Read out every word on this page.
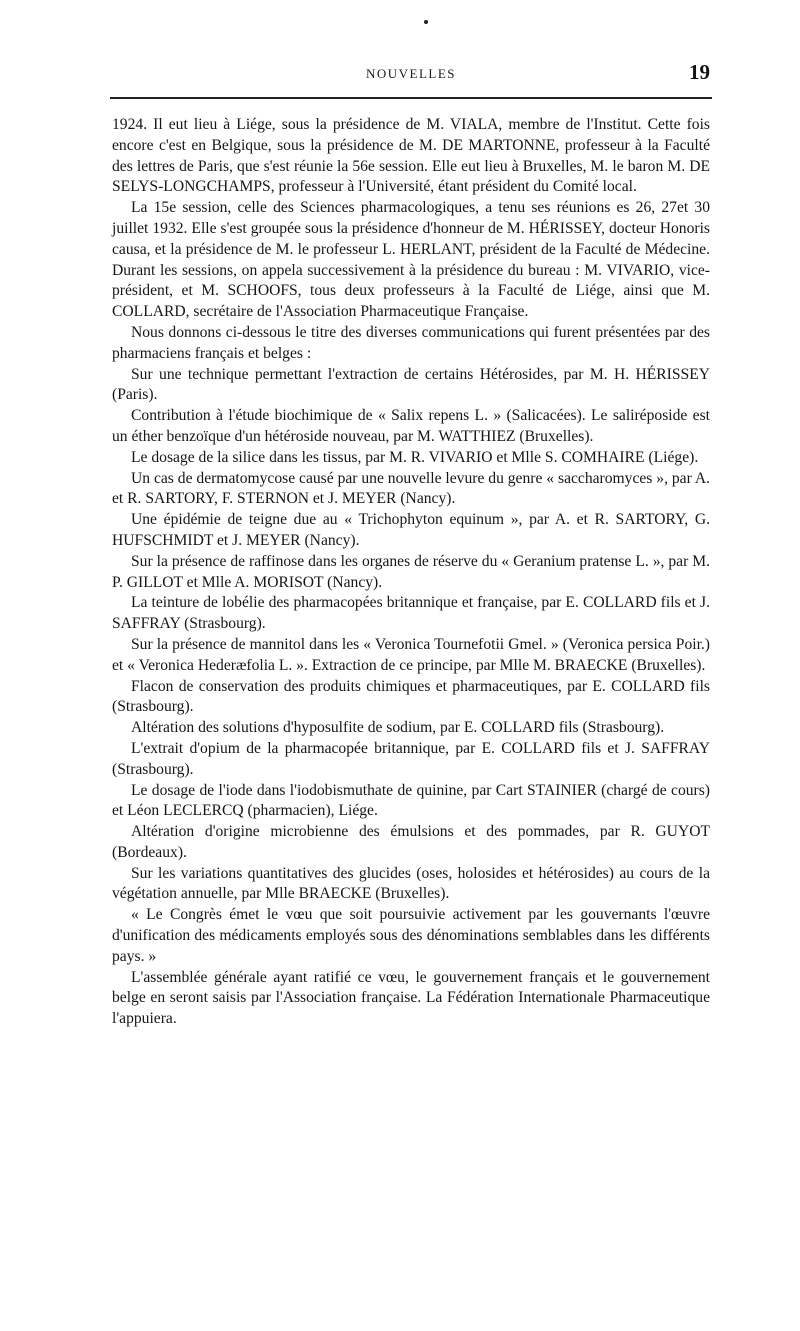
NOUVELLES	19

1924. Il eut lieu à Liége, sous la présidence de M. VIALA, membre de l'Institut. Cette fois encore c'est en Belgique, sous la présidence de M. DE MARTONNE, professeur à la Faculté des lettres de Paris, que s'est réunie la 56e session. Elle eut lieu à Bruxelles, M. le baron M. DE SELYS-LONGCHAMPS, professeur à l'Université, étant président du Comité local.

La 15e session, celle des Sciences pharmacologiques, a tenu ses réunions es 26, 27et 30 juillet 1932. Elle s'est groupée sous la présidence d'honneur de M. HÉRISSEY, docteur Honoris causa, et la présidence de M. le professeur L. HERLANT, président de la Faculté de Médecine. Durant les sessions, on appela successivement à la présidence du bureau : M. VIVARIO, vice-président, et M. SCHOOFS, tous deux professeurs à la Faculté de Liége, ainsi que M. COLLARD, secrétaire de l'Association Pharmaceutique Française.

Nous donnons ci-dessous le titre des diverses communications qui furent présentées par des pharmaciens français et belges :

Sur une technique permettant l'extraction de certains Hétérosides, par M. H. HÉRISSEY (Paris).

Contribution à l'étude biochimique de « Salix repens L. » (Salicacées). Le saliréposide est un éther benzoïque d'un hétéroside nouveau, par M. WATTHIEZ (Bruxelles).

Le dosage de la silice dans les tissus, par M. R. VIVARIO et Mlle S. COMHAIRE (Liége).

Un cas de dermatomycose causé par une nouvelle levure du genre « saccharomyces », par A. et R. SARTORY, F. STERNON et J. MEYER (Nancy).

Une épidémie de teigne due au « Trichophyton equinum », par A. et R. SARTORY, G. HUFSCHMIDT et J. MEYER (Nancy).

Sur la présence de raffinose dans les organes de réserve du « Geranium pratense L. », par M. P. GILLOT et Mlle A. MORISOT (Nancy).

La teinture de lobélie des pharmacopées britannique et française, par E. COLLARD fils et J. SAFFRAY (Strasbourg).

Sur la présence de mannitol dans les « Veronica Tournefotii Gmel. » (Veronica persica Poir.) et « Veronica Hederæfolia L. ». Extraction de ce principe, par Mlle M. BRAECKE (Bruxelles).

Flacon de conservation des produits chimiques et pharmaceutiques, par E. COLLARD fils (Strasbourg).

Altération des solutions d'hyposulfite de sodium, par E. COLLARD fils (Strasbourg).

L'extrait d'opium de la pharmacopée britannique, par E. COLLARD fils et J. SAFFRAY (Strasbourg).

Le dosage de l'iode dans l'iodobismuthate de quinine, par Cart STAINIER (chargé de cours) et Léon LECLERCQ (pharmacien), Liége.

Altération d'origine microbienne des émulsions et des pommades, par R. GUYOT (Bordeaux).

Sur les variations quantitatives des glucides (oses, holosides et hétérosides) au cours de la végétation annuelle, par Mlle BRAECKE (Bruxelles).

« Le Congrès émet le vœu que soit poursuivie activement par les gouvernants l'œuvre d'unification des médicaments employés sous des dénominations semblables dans les différents pays. »

L'assemblée générale ayant ratifié ce vœu, le gouvernement français et le gouvernement belge en seront saisis par l'Association française. La Fédération Internationale Pharmaceutique l'appuiera.
